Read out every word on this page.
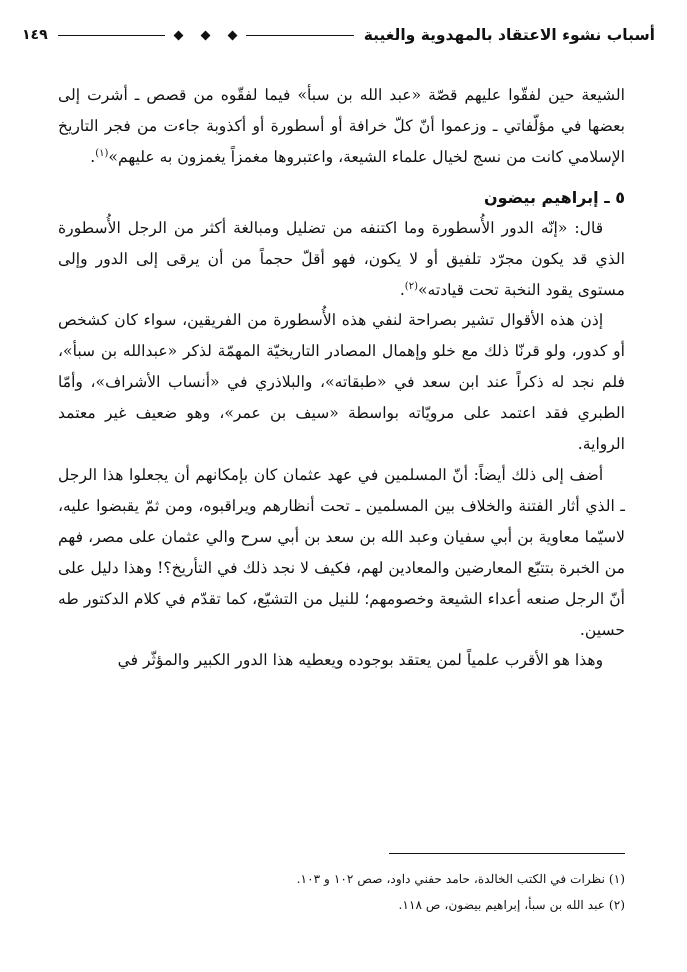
أسباب نشوء الاعتقاد بالمهدوية والغيبة
١٤٩

الشيعة حين لفقّوا عليهم قصّة «عبد الله بن سبأ» فيما لفقّوه من قصص ـ أشرت إلى بعضها في مؤلّفاتي ـ وزعموا أنّ كلّ خرافة أو أسطورة أو أكذوبة جاءت من فجر التاريخ الإسلامي كانت من نسج لخيال علماء الشيعة، واعتبروها مغمزاً يغمزون به عليهم»$^{(١)}$.

٥ ـ إبراهيم بيضون

قال: «إنّه الدور الأُسطورة وما اكتنفه من تضليل ومبالغة أكثر من الرجل الأُسطورة الذي قد يكون مجرّد تلفيق أو لا يكون، فهو أقلّ حجماً من أن يرقى إلى الدور وإلى مستوى يقود النخبة تحت قيادته»$^{(٢)}$.

إذن هذه الأقوال تشير بصراحة لنفي هذه الأُسطورة من الفريقين، سواء كان كشخص أو كدور، ولو قرنّا ذلك مع خلو وإهمال المصادر التاريخيّة المهمّة لذكر «عبدالله بن سبأ»، فلم نجد له ذكراً عند ابن سعد في «طبقاته»، والبلاذري في «أنساب الأشراف»، وأمّا الطبري فقد اعتمد على مرويّاته بواسطة «سيف بن عمر»، وهو ضعيف غير معتمد الرواية.

أضف إلى ذلك أيضاً: أنّ المسلمين في عهد عثمان كان بإمكانهم أن يجعلوا هذا الرجل ـ الذي أثار الفتنة والخلاف بين المسلمين ـ تحت أنظارهم ويراقبوه، ومن ثمّ يقبضوا عليه، لاسيّما معاوية بن أبي سفيان وعبد الله بن سعد بن أبي سرح والي عثمان على مصر، فهم من الخبرة بتتبّع المعارضين والمعادين لهم، فكيف لا نجد ذلك في التأريخ؟! وهذا دليل على أنّ الرجل صنعه أعداء الشيعة وخصومهم؛ للنيل من التشيّع، كما تقدّم في كلام الدكتور طه حسين.

وهذا هو الأقرب علمياً لمن يعتقد بوجوده ويعطيه هذا الدور الكبير والمؤثّر في

(١) نظرات في الكتب الخالدة، حامد حفني داود، صص ١٠٢ و ١٠٣.

(٢) عبد الله بن سبأ، إبراهيم بيضون، ص ١١٨.
